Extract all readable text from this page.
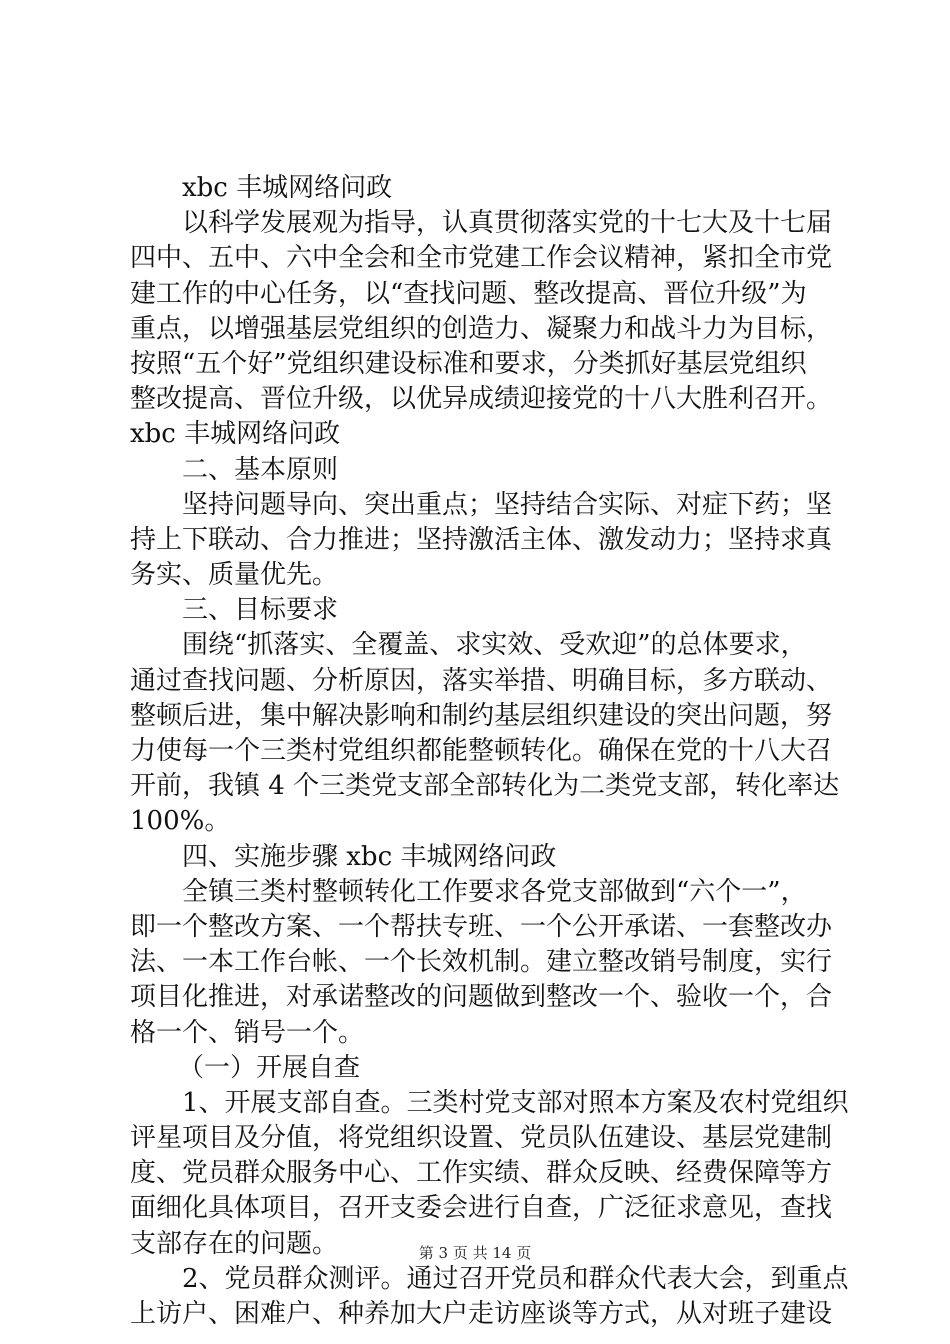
xbc 丰城网络问政
以科学发展观为指导，认真贯彻落实党的十七大及十七届
四中、五中、六中全会和全市党建工作会议精神，紧扣全市党
建工作的中心任务，以“查找问题、整改提高、晋位升级”为
重点，以增强基层党组织的创造力、凝聚力和战斗力为目标，
按照“五个好”党组织建设标准和要求，分类抓好基层党组织
整改提高、晋位升级，以优异成绩迎接党的十八大胜利召开。
xbc 丰城网络问政
二、基本原则
坚持问题导向、突出重点；坚持结合实际、对症下药；坚
持上下联动、合力推进；坚持激活主体、激发动力；坚持求真
务实、质量优先。
三、目标要求
围绕“抓落实、全覆盖、求实效、受欢迎”的总体要求，
通过查找问题、分析原因，落实举措、明确目标，多方联动、
整顿后进，集中解决影响和制约基层组织建设的突出问题，努
力使每一个三类村党组织都能整顿转化。确保在党的十八大召
开前，我镇 4 个三类党支部全部转化为二类党支部，转化率达
100%。
四、实施步骤 xbc 丰城网络问政
全镇三类村整顿转化工作要求各党支部做到“六个一”，
即一个整改方案、一个帮扶专班、一个公开承诺、一套整改办
法、一本工作台帐、一个长效机制。建立整改销号制度，实行
项目化推进，对承诺整改的问题做到整改一个、验收一个，合
格一个、销号一个。
（一）开展自查
1、开展支部自查。三类村党支部对照本方案及农村党组织
评星项目及分值，将党组织设置、党员队伍建设、基层党建制
度、党员群众服务中心、工作实绩、群众反映、经费保障等方
面细化具体项目，召开支委会进行自查，广泛征求意见，查找
支部存在的问题。
2、党员群众测评。通过召开党员和群众代表大会，到重点
上访户、困难户、种养加大户走访座谈等方式，从对班子建设
第 3 页 共 14 页
